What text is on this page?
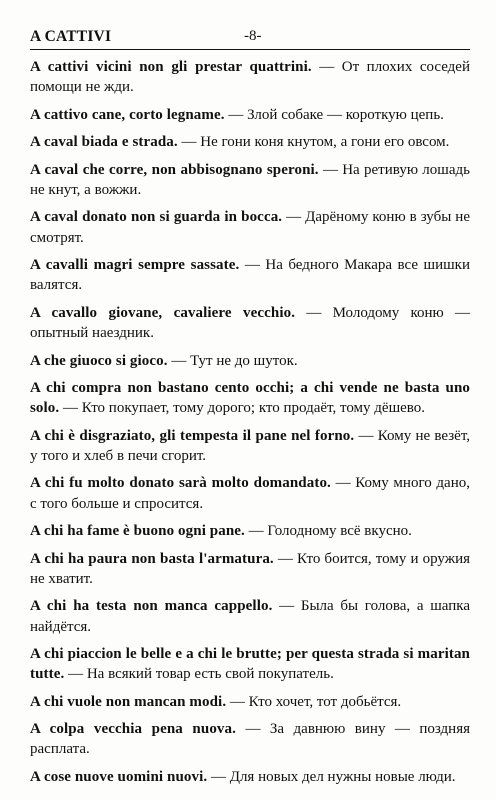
A CATTIVI	-8-

A cattivi vicini non gli prestar quattrini. — От плохих соседей помощи не жди.

A cattivo cane, corto legname. — Злой собаке — короткую цепь.

A caval biada e strada. — Не гони коня кнутом, а гони его овсом.

A caval che corre, non abbisognano speroni. — На ретивую лошадь не кнут, а вожжи.

A caval donato non si guarda in bocca. — Дарёному коню в зубы не смотрят.

A cavalli magri sempre sassate. — На бедного Макара все шишки валятся.

A cavallo giovane, cavaliere vecchio. — Молодому коню — опытный наездник.

A che giuoco si gioco. — Тут не до шуток.

A chi compra non bastano cento occhi; a chi vende ne basta uno solo. — Кто покупает, тому дорого; кто продаёт, тому дёшево.

A chi è disgraziato, gli tempesta il pane nel forno. — Кому не везёт, у того и хлеб в печи сгорит.

A chi fu molto donato sarà molto domandato. — Кому много дано, с того больше и спросится.

A chi ha fame è buono ogni pane. — Голодному всё вкусно.

A chi ha paura non basta l'armatura. — Кто боится, тому и оружия не хватит.

A chi ha testa non manca cappello. — Была бы голова, а шапка найдётся.

A chi piaccion le belle e a chi le brutte; per questa strada si maritan tutte. — На всякий товар есть свой покупатель.

A chi vuole non mancan modi. — Кто хочет, тот добьётся.

A colpa vecchia pena nuova. — За давнюю вину — поздняя расплата.

A cose nuove uomini nuovi. — Для новых дел нужны новые люди.
